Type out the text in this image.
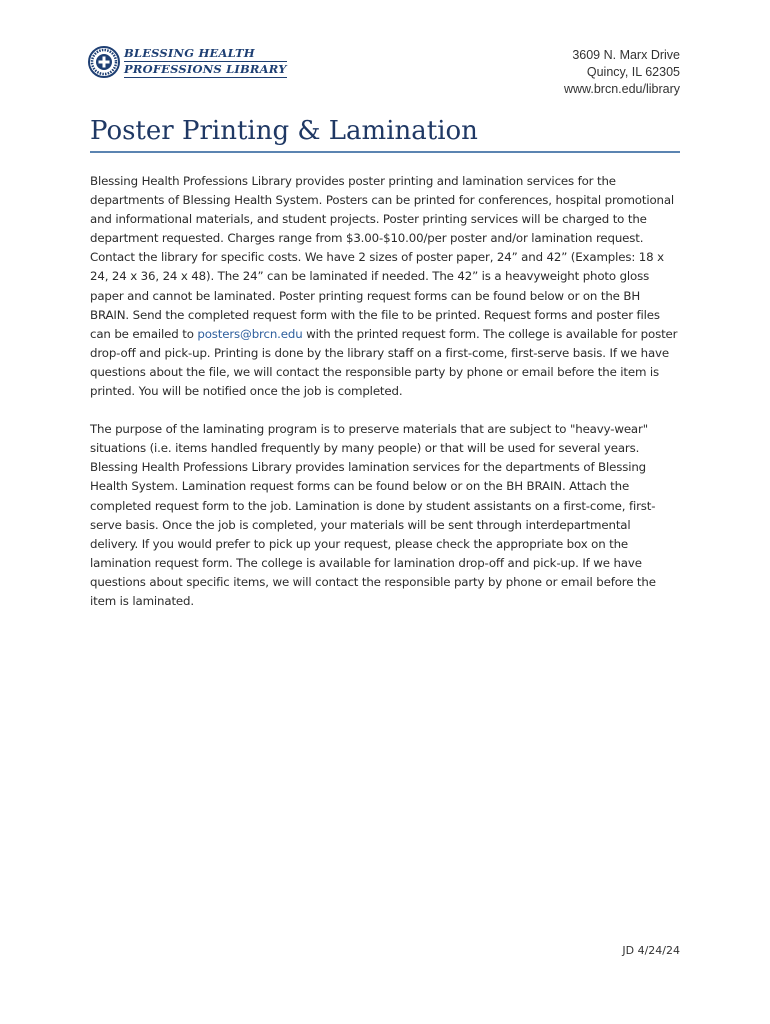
BLESSING HEALTH
PROFESSIONS LIBRARY
3609 N. Marx Drive
Quincy, IL 62305
www.brcn.edu/library
Poster Printing & Lamination

Blessing Health Professions Library provides poster printing and lamination services for the departments of Blessing Health System. Posters can be printed for conferences, hospital promotional and informational materials, and student projects. Poster printing services will be charged to the department requested. Charges range from $3.00-$10.00/per poster and/or lamination request. Contact the library for specific costs. We have 2 sizes of poster paper, 24” and 42” (Examples: 18 x 24, 24 x 36, 24 x 48). The 24” can be laminated if needed. The 42” is a heavyweight photo gloss paper and cannot be laminated. Poster printing request forms can be found below or on the BH BRAIN. Send the completed request form with the file to be printed. Request forms and poster files can be emailed to posters@brcn.edu with the printed request form. The college is available for poster drop-off and pick-up. Printing is done by the library staff on a first-come, first-serve basis. If we have questions about the file, we will contact the responsible party by phone or email before the item is printed. You will be notified once the job is completed.

The purpose of the laminating program is to preserve materials that are subject to "heavy-wear" situations (i.e. items handled frequently by many people) or that will be used for several years. Blessing Health Professions Library provides lamination services for the departments of Blessing Health System. Lamination request forms can be found below or on the BH BRAIN. Attach the completed request form to the job. Lamination is done by student assistants on a first-come, first-serve basis. Once the job is completed, your materials will be sent through interdepartmental delivery. If you would prefer to pick up your request, please check the appropriate box on the lamination request form. The college is available for lamination drop-off and pick-up. If we have questions about specific items, we will contact the responsible party by phone or email before the item is laminated.

JD 4/24/24
